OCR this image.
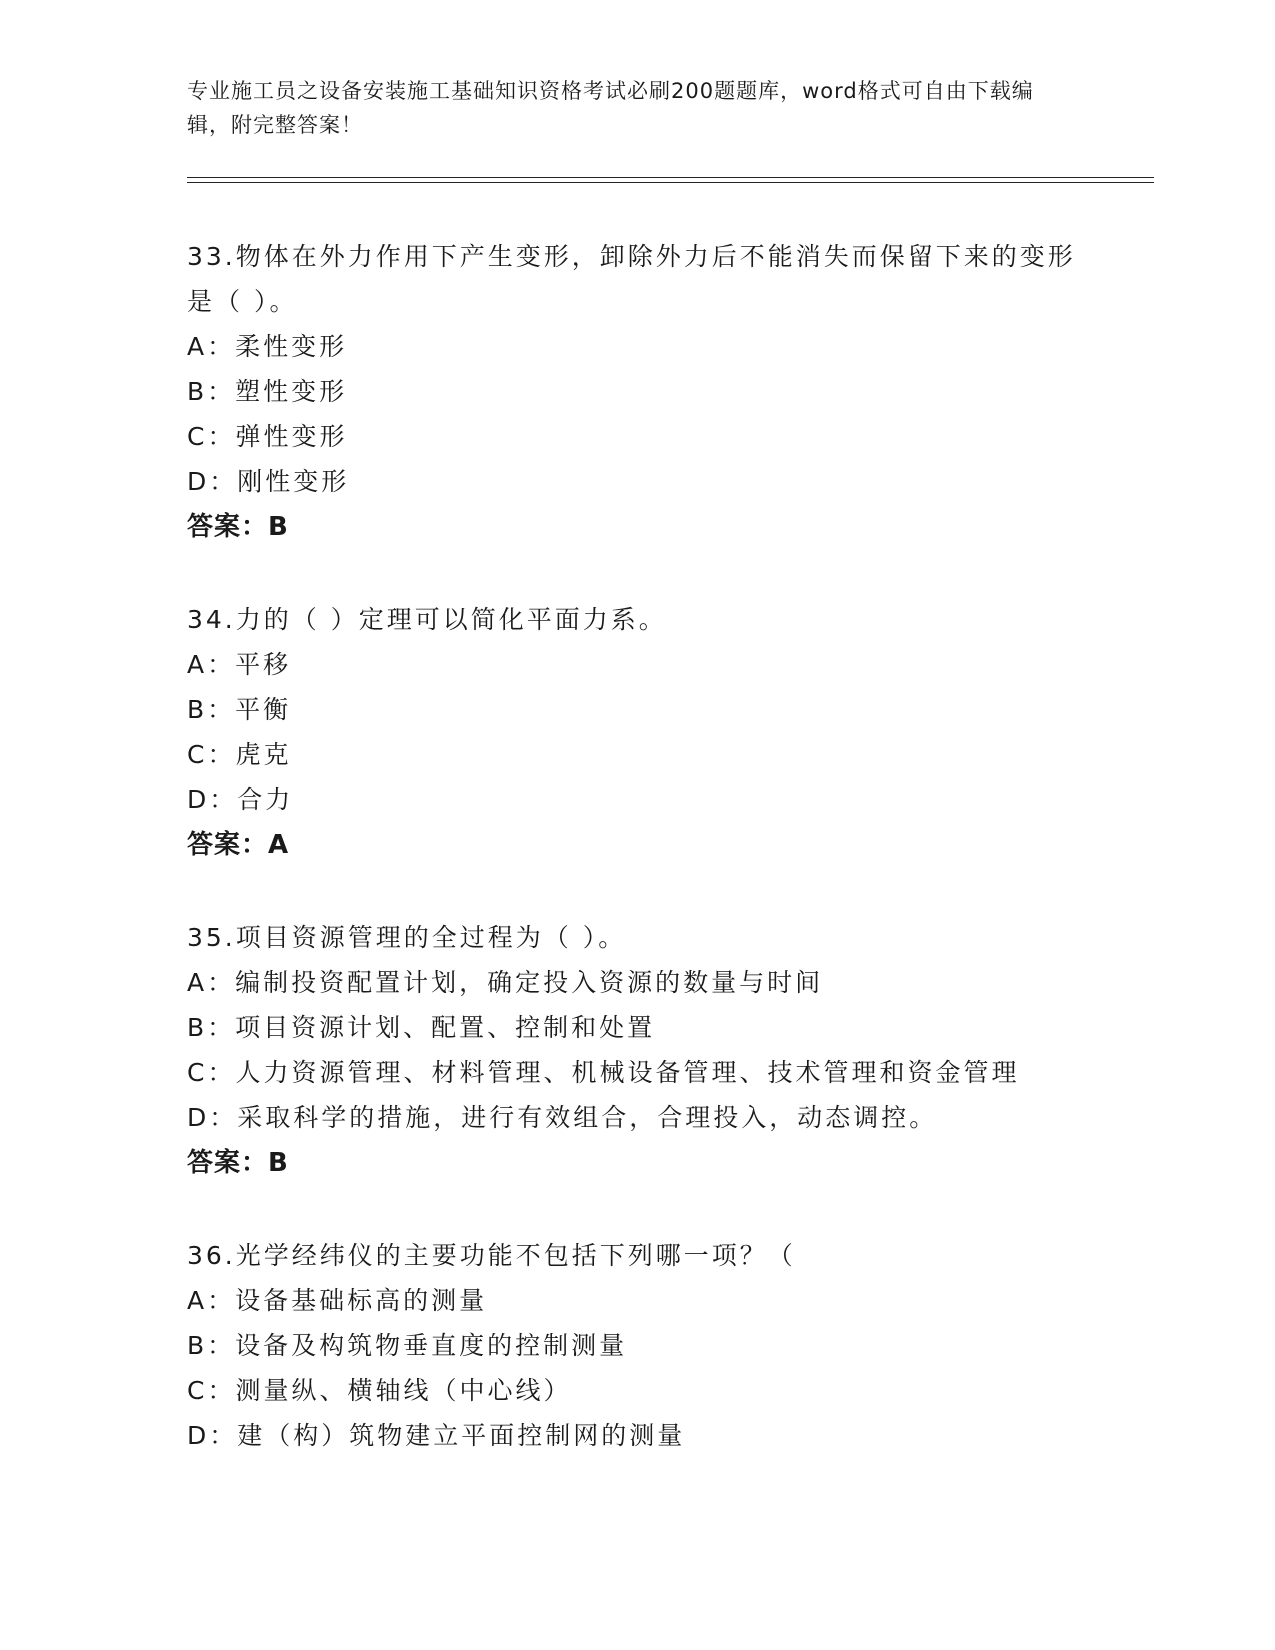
专业施工员之设备安装施工基础知识资格考试必刷200题题库，word格式可自由下载编辑，附完整答案！
33.物体在外力作用下产生变形，卸除外力后不能消失而保留下来的变形是（ ）。
A：柔性变形
B：塑性变形
C：弹性变形
D：刚性变形
答案：B
34.力的（ ）定理可以简化平面力系。
A：平移
B：平衡
C：虎克
D：合力
答案：A
35.项目资源管理的全过程为（ ）。
A：编制投资配置计划，确定投入资源的数量与时间
B：项目资源计划、配置、控制和处置
C：人力资源管理、材料管理、机械设备管理、技术管理和资金管理
D：采取科学的措施，进行有效组合，合理投入，动态调控。
答案：B
36.光学经纬仪的主要功能不包括下列哪一项？（
A：设备基础标高的测量
B：设备及构筑物垂直度的控制测量
C：测量纵、横轴线（中心线）
D：建（构）筑物建立平面控制网的测量
